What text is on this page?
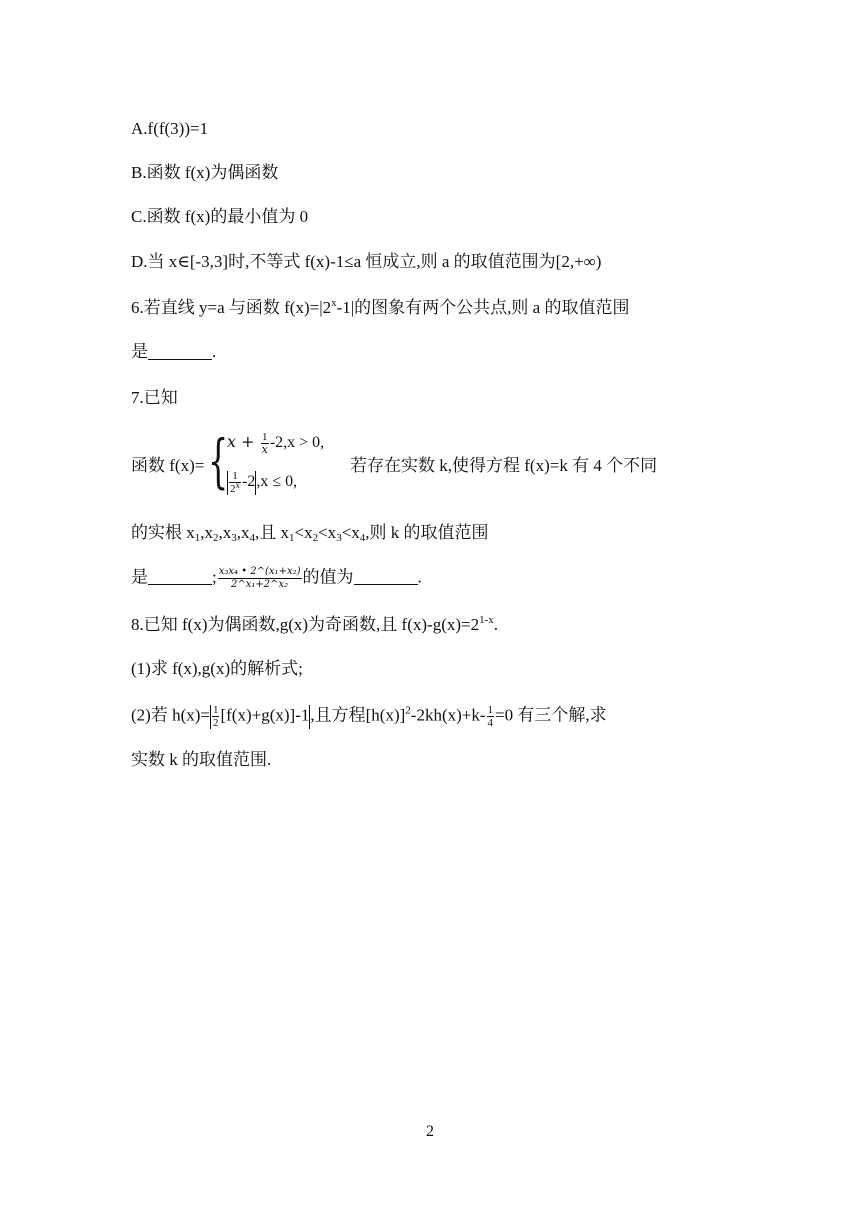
A.f(f(3))=1
B.函数 f(x)为偶函数
C.函数 f(x)的最小值为 0
D.当 x∈[-3,3]时,不等式 f(x)-1≤a 恒成立,则 a 的取值范围为[2,+∞)
6.若直线 y=a 与函数 $f(x)=|2^x-1|$的图象有两个公共点,则 a 的取值范围
是	.
7.已知
函数 f(x)= {
$x + \frac{1}{x} -2,x > 0$,
$\frac{1}{2^x} -2,x \le 0$,
若存在实数 k,使得方程 f(x)=k 有 4 个不同
的实根 $x_1,x_2,x_3,x_4$,且 $x_1<x_2<x_3<x_4$,则 k 的取值范围
是	; $\frac{\text{x₃x₄ • 2\textasciicircum{}(x₁+x₂)}}{\text{2\textasciicircum{}x₁+2\textasciicircum{}x₂}}$ 的值为	.
8.已知 f(x)为偶函数,g(x)为奇函数,且 $f(x)-g(x)=2^{1-x}$.
(1)求 f(x),g(x)的解析式;
(2)若 $h(x)= \frac{1}{2} [f(x)+g(x)]-1$,且方程$[h(x)]^2-2kh(x)+k- \frac{1}{4} =0$ 有三个解,求
实数 k 的取值范围.
2
